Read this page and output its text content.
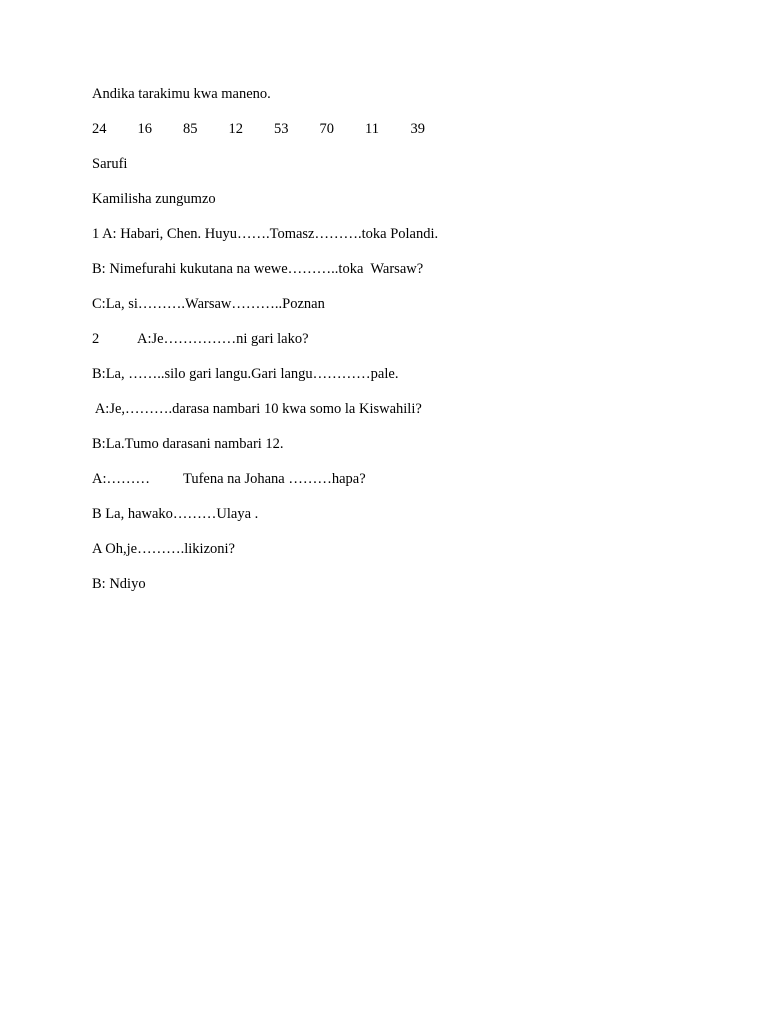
Andika tarakimu kwa maneno.
24	16	85	12	53	70	11	39
Sarufi
Kamilisha zungumzo
1 A: Habari, Chen. Huyu…….Tomasz……….toka Polandi.
B: Nimefurahi kukutana na wewe………..toka  Warsaw?
C:La, si……….Warsaw………..Poznan
2	A:Je……………ni gari lako?
B:La, ……..silo gari langu.Gari langu…………pale.
A:Je,……….darasa nambari 10 kwa somo la Kiswahili?
B:La.Tumo darasani nambari 12.
A:……… Tufena na Johana ………hapa?
B La, hawako………Ulaya .
A Oh,je……….likizoni?
B: Ndiyo
